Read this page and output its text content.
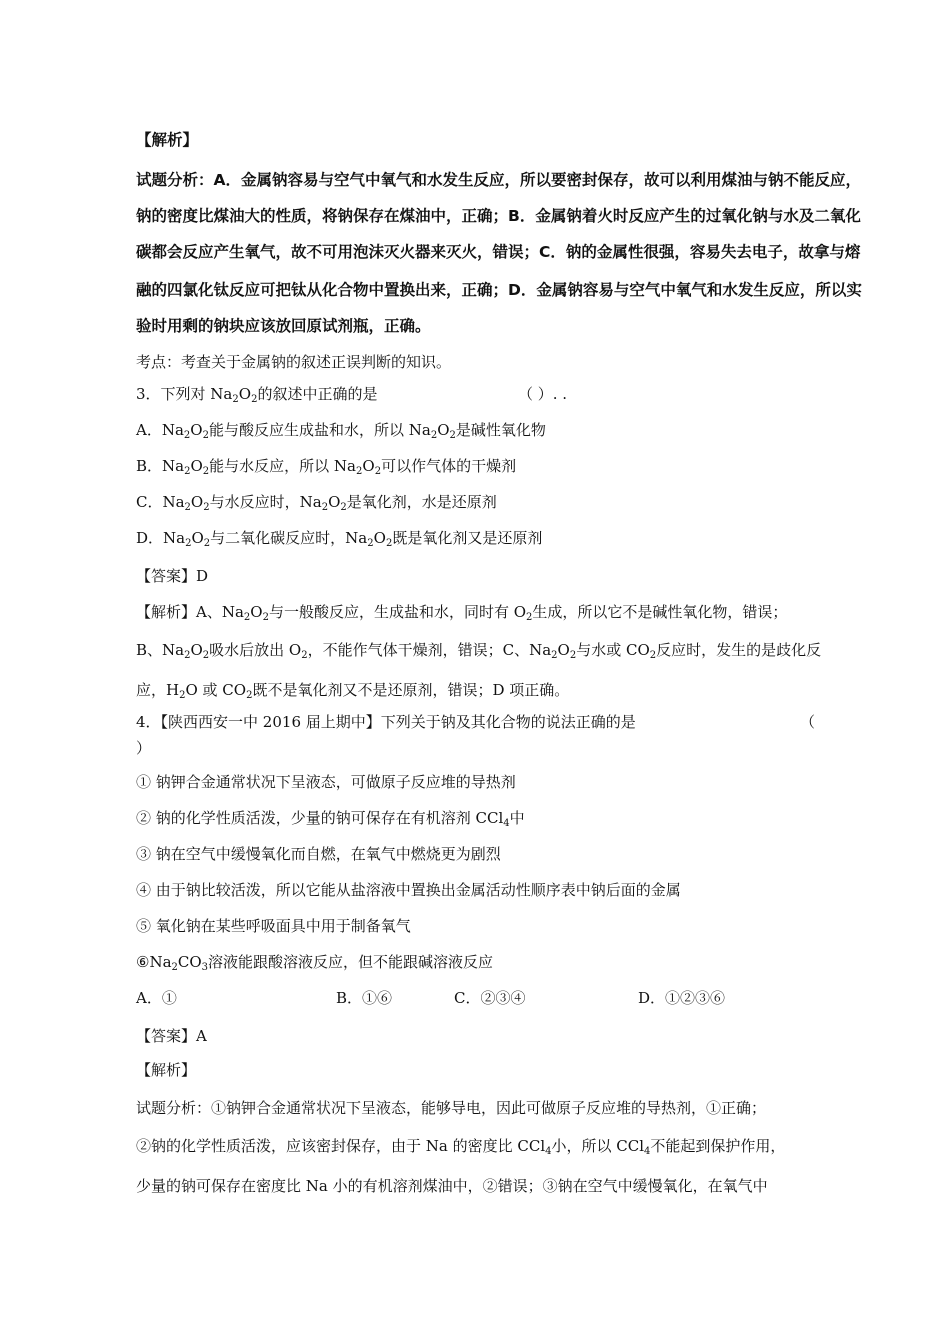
【解析】
试题分析：A．金属钠容易与空气中氧气和水发生反应，所以要密封保存，故可以利用煤油与钠不能反应，
钠的密度比煤油大的性质，将钠保存在煤油中，正确；B．金属钠着火时反应产生的过氧化钠与水及二氧化
碳都会反应产生氧气，故不可用泡沫灭火器来灭火，错误；C．钠的金属性很强，容易失去电子，故拿与熔
融的四氯化钛反应可把钛从化合物中置换出来，正确；D．金属钠容易与空气中氧气和水发生反应，所以实
验时用剩的钠块应该放回原试剂瓶，正确。
考点：考查关于金属钠的叙述正误判断的知识。
3．下列对 $Na_2O_2$的叙述中正确的是	（ ）. .
A．$Na_2O_2$能与酸反应生成盐和水，所以 $Na_2O_2$是碱性氧化物
B．$Na_2O_2$能与水反应，所以 $Na_2O_2$可以作气体的干燥剂
C．$Na_2O_2$与水反应时，$Na_2O_2$是氧化剂，水是还原剂
D．$Na_2O_2$与二氧化碳反应时，$Na_2O_2$既是氧化剂又是还原剂
【答案】D
【解析】A、$Na_2O_2$与一般酸反应，生成盐和水，同时有 $O_2$生成，所以它不是碱性氧化物，错误；
B、$Na_2O_2$吸水后放出 $O_2$，不能作气体干燥剂，错误；C、$Na_2O_2$与水或 $CO_2$反应时，发生的是歧化反
应，$H_2O$ 或 $CO_2$既不是氧化剂又不是还原剂，错误；D 项正确。
4．【陕西西安一中 2016 届上期中】下列关于钠及其化合物的说法正确的是	（
）
① 钠钾合金通常状况下呈液态，可做原子反应堆的导热剂
② 钠的化学性质活泼，少量的钠可保存在有机溶剂 CCl$_4$中
③ 钠在空气中缓慢氧化而自燃，在氧气中燃烧更为剧烈
④ 由于钠比较活泼，所以它能从盐溶液中置换出金属活动性顺序表中钠后面的金属
⑤ 氧化钠在某些呼吸面具中用于制备氧气
$⑥Na_2CO_3$溶液能跟酸溶液反应，但不能跟碱溶液反应
A．①	B．①⑥	C．②③④	D．①②③⑥
【答案】A
【解析】
试题分析：①钠钾合金通常状况下呈液态，能够导电，因此可做原子反应堆的导热剂，①正确；
②钠的化学性质活泼，应该密封保存，由于 Na 的密度比 CCl$_4$小，所以 CCl$_4$不能起到保护作用，
少量的钠可保存在密度比 Na 小的有机溶剂煤油中，②错误；③钠在空气中缓慢氧化，在氧气中
